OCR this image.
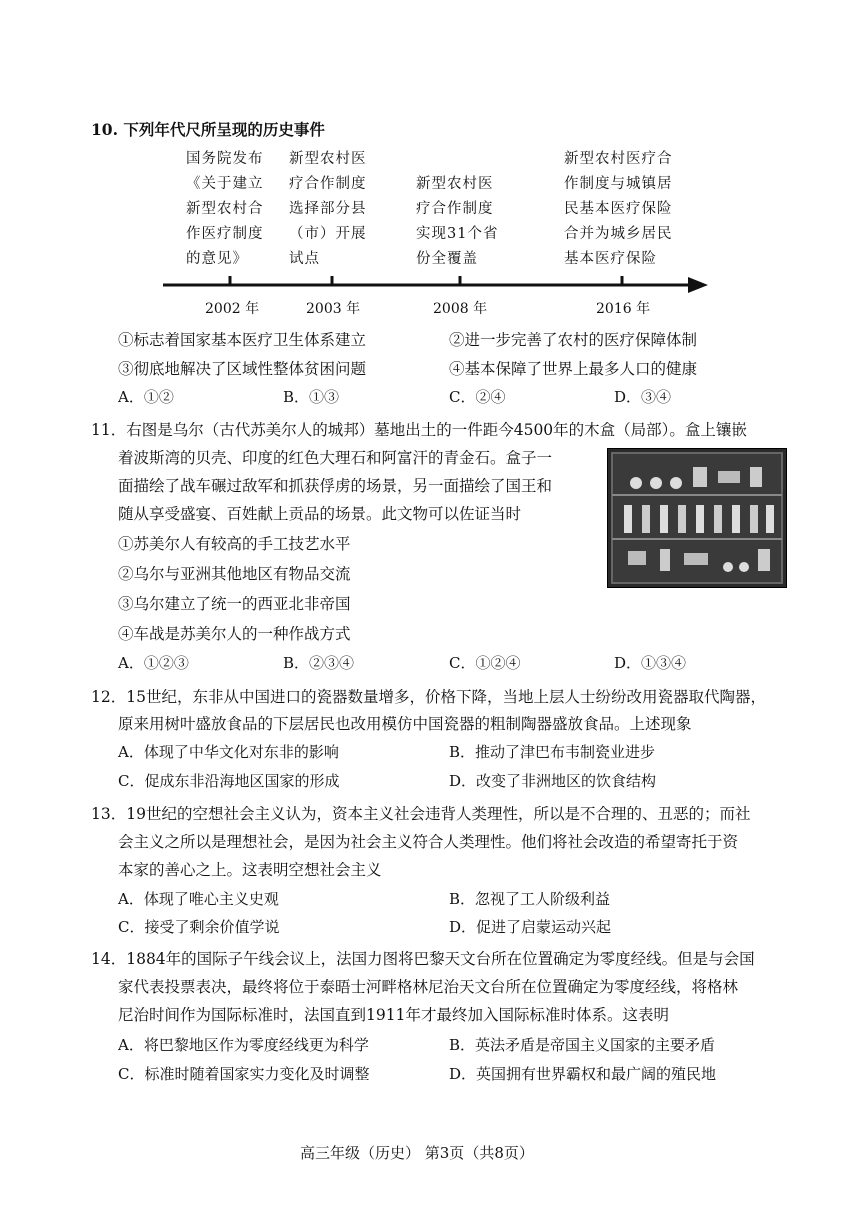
10. 下列年代尺所呈现的历史事件
国务院发布
《关于建立
新型农村合
作医疗制度
的意见》
新型农村医
疗合作制度
选择部分县
（市）开展
试点
新型农村医
疗合作制度
实现31个省
份全覆盖
新型农村医疗合
作制度与城镇居
民基本医疗保险
合并为城乡居民
基本医疗保险
2002 年	2003 年	2008 年	2016 年
①标志着国家基本医疗卫生体系建立	②进一步完善了农村的医疗保障体制
③彻底地解决了区域性整体贫困问题	④基本保障了世界上最多人口的健康
A．①②	B．①③	C．②④	D．③④
11．右图是乌尔（古代苏美尔人的城邦）墓地出土的一件距今4500年的木盒（局部）。盒上镶嵌
着波斯湾的贝壳、印度的红色大理石和阿富汗的青金石。盒子一
面描绘了战车碾过敌军和抓获俘虏的场景，另一面描绘了国王和
随从享受盛宴、百姓献上贡品的场景。此文物可以佐证当时
①苏美尔人有较高的手工技艺水平
②乌尔与亚洲其他地区有物品交流
③乌尔建立了统一的西亚北非帝国
④车战是苏美尔人的一种作战方式
A．①②③	B．②③④	C．①②④	D．①③④
12．15世纪，东非从中国进口的瓷器数量增多，价格下降，当地上层人士纷纷改用瓷器取代陶器，
原来用树叶盛放食品的下层居民也改用模仿中国瓷器的粗制陶器盛放食品。上述现象
A．体现了中华文化对东非的影响	B．推动了津巴布韦制瓷业进步
C．促成东非沿海地区国家的形成	D．改变了非洲地区的饮食结构
13．19世纪的空想社会主义认为，资本主义社会违背人类理性，所以是不合理的、丑恶的；而社
会主义之所以是理想社会，是因为社会主义符合人类理性。他们将社会改造的希望寄托于资
本家的善心之上。这表明空想社会主义
A．体现了唯心主义史观	B．忽视了工人阶级利益
C．接受了剩余价值学说	D．促进了启蒙运动兴起
14．1884年的国际子午线会议上，法国力图将巴黎天文台所在位置确定为零度经线。但是与会国
家代表投票表决，最终将位于泰晤士河畔格林尼治天文台所在位置确定为零度经线，将格林
尼治时间作为国际标准时，法国直到1911年才最终加入国际标准时体系。这表明
A．将巴黎地区作为零度经线更为科学	B．英法矛盾是帝国主义国家的主要矛盾
C．标准时随着国家实力变化及时调整	D．英国拥有世界霸权和最广阔的殖民地
高三年级（历史） 第3页（共8页）
